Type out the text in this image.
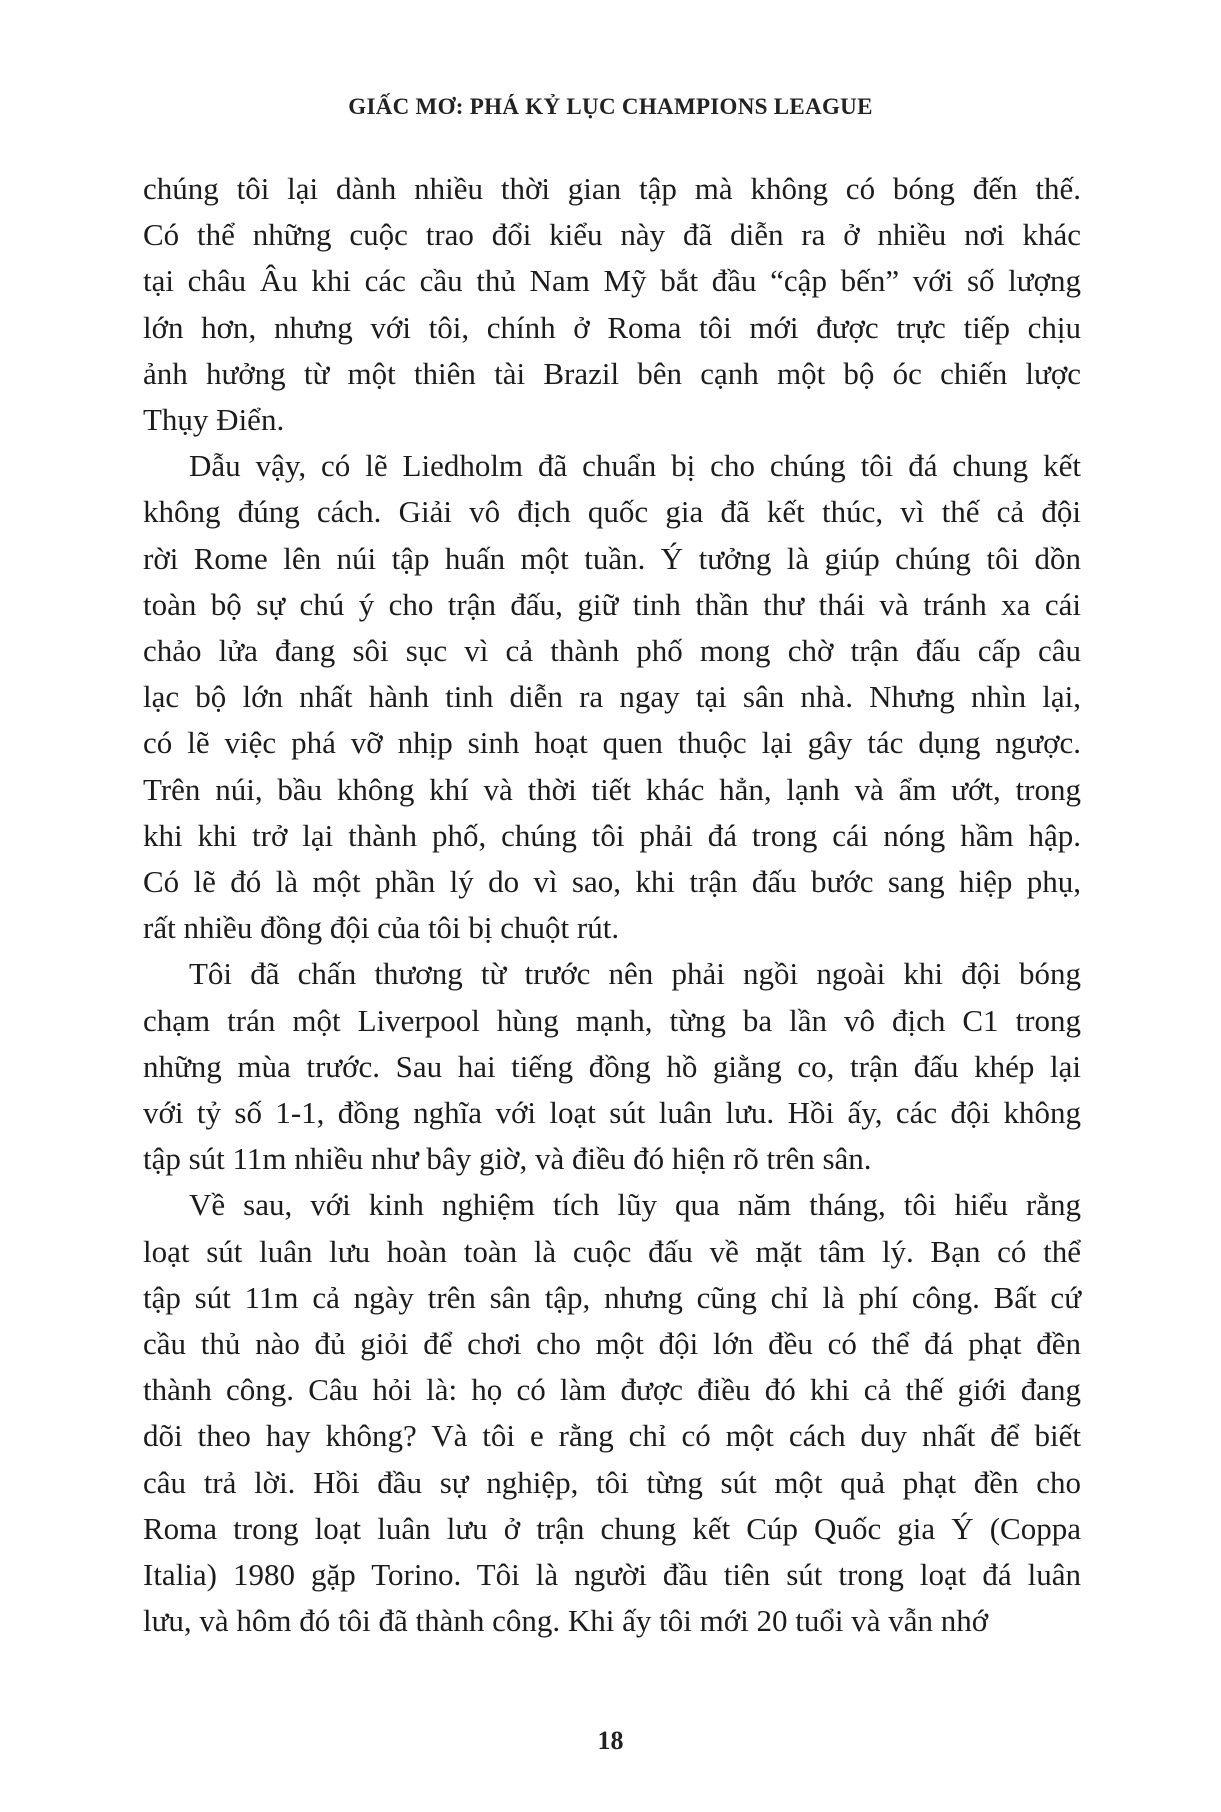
GIẤC MƠ: PHÁ KỶ LỤC CHAMPIONS LEAGUE

chúng tôi lại dành nhiều thời gian tập mà không có bóng đến thế.
Có thể những cuộc trao đổi kiểu này đã diễn ra ở nhiều nơi khác
tại châu Âu khi các cầu thủ Nam Mỹ bắt đầu “cập bến” với số lượng
lớn hơn, nhưng với tôi, chính ở Roma tôi mới được trực tiếp chịu
ảnh hưởng từ một thiên tài Brazil bên cạnh một bộ óc chiến lược
Thụy Điển.

Dẫu vậy, có lẽ Liedholm đã chuẩn bị cho chúng tôi đá chung kết
không đúng cách. Giải vô địch quốc gia đã kết thúc, vì thế cả đội
rời Rome lên núi tập huấn một tuần. Ý tưởng là giúp chúng tôi dồn
toàn bộ sự chú ý cho trận đấu, giữ tinh thần thư thái và tránh xa cái
chảo lửa đang sôi sục vì cả thành phố mong chờ trận đấu cấp câu
lạc bộ lớn nhất hành tinh diễn ra ngay tại sân nhà. Nhưng nhìn lại,
có lẽ việc phá vỡ nhịp sinh hoạt quen thuộc lại gây tác dụng ngược.
Trên núi, bầu không khí và thời tiết khác hẳn, lạnh và ẩm ướt, trong
khi khi trở lại thành phố, chúng tôi phải đá trong cái nóng hầm hập.
Có lẽ đó là một phần lý do vì sao, khi trận đấu bước sang hiệp phụ,
rất nhiều đồng đội của tôi bị chuột rút.

Tôi đã chấn thương từ trước nên phải ngồi ngoài khi đội bóng
chạm trán một Liverpool hùng mạnh, từng ba lần vô địch C1 trong
những mùa trước. Sau hai tiếng đồng hồ giằng co, trận đấu khép lại
với tỷ số 1-1, đồng nghĩa với loạt sút luân lưu. Hồi ấy, các đội không
tập sút 11m nhiều như bây giờ, và điều đó hiện rõ trên sân.

Về sau, với kinh nghiệm tích lũy qua năm tháng, tôi hiểu rằng
loạt sút luân lưu hoàn toàn là cuộc đấu về mặt tâm lý. Bạn có thể
tập sút 11m cả ngày trên sân tập, nhưng cũng chỉ là phí công. Bất cứ
cầu thủ nào đủ giỏi để chơi cho một đội lớn đều có thể đá phạt đền
thành công. Câu hỏi là: họ có làm được điều đó khi cả thế giới đang
dõi theo hay không? Và tôi e rằng chỉ có một cách duy nhất để biết
câu trả lời. Hồi đầu sự nghiệp, tôi từng sút một quả phạt đền cho
Roma trong loạt luân lưu ở trận chung kết Cúp Quốc gia Ý (Coppa
Italia) 1980 gặp Torino. Tôi là người đầu tiên sút trong loạt đá luân
lưu, và hôm đó tôi đã thành công. Khi ấy tôi mới 20 tuổi và vẫn nhớ

18
